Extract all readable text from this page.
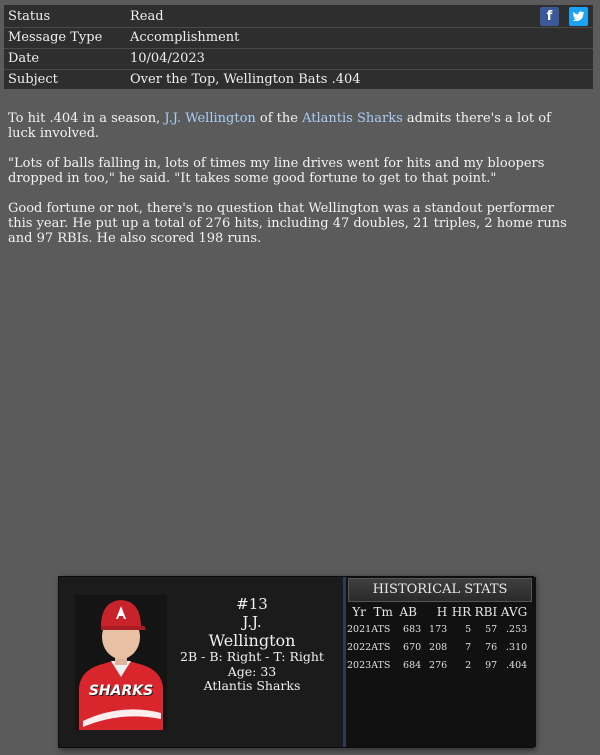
Status	Read
Message Type	Accomplishment
Date	10/04/2023
Subject	Over the Top, Wellington Bats .404
f

To hit .404 in a season, J.J. Wellington of the Atlantis Sharks admits there's a lot of luck involved.

"Lots of balls falling in, lots of times my line drives went for hits and my bloopers dropped in too," he said. "It takes some good fortune to get to that point."

Good fortune or not, there's no question that Wellington was a standout performer this year. He put up a total of 276 hits, including 47 doubles, 21 triples, 2 home runs and 97 RBIs. He also scored 198 runs.

SHARKS
#13
J.J.
Wellington
2B - B: Right - T: Right
Age: 33
Atlantis Sharks
HISTORICAL STATS
Yr	Tm	AB	H	HR	RBI	AVG
2021	ATS	683	173	5	57	.253
2022	ATS	670	208	7	76	.310
2023	ATS	684	276	2	97	.404
